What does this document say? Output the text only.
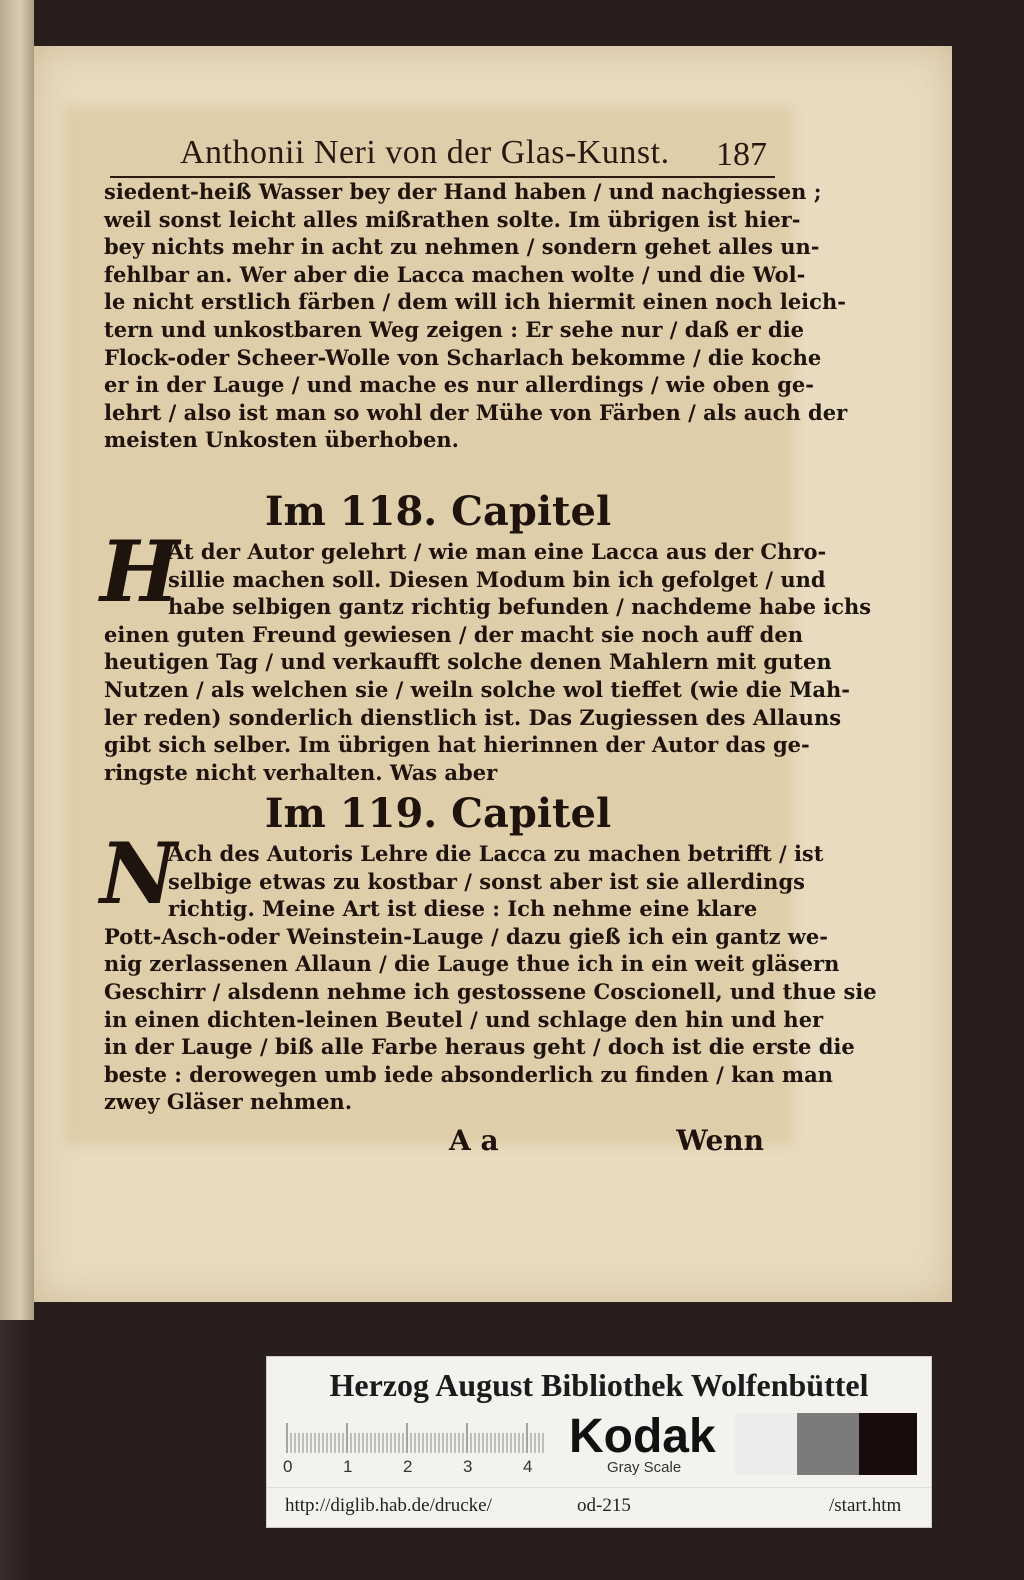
Anthonii Neri von der Glas-Kunst. 187
siedent-heiß Wasser bey der Hand haben / und nachgiessen ;
weil sonst leicht alles mißrathen solte. Im übrigen ist hier-
bey nichts mehr in acht zu nehmen / sondern gehet alles un-
fehlbar an. Wer aber die Lacca machen wolte / und die Wol-
le nicht erstlich färben / dem will ich hiermit einen noch leich-
tern und unkostbaren Weg zeigen : Er sehe nur / daß er die
Flock-oder Scheer-Wolle von Scharlach bekomme / die koche
er in der Lauge / und mache es nur allerdings / wie oben ge-
lehrt / also ist man so wohl der Mühe von Färben / als auch der
meisten Unkosten überhoben.
Im 118. Capitel
H
At der Autor gelehrt / wie man eine Lacca aus der Chro-
sillie machen soll. Diesen Modum bin ich gefolget / und
habe selbigen gantz richtig befunden / nachdeme habe ichs
einen guten Freund gewiesen / der macht sie noch auff den
heutigen Tag / und verkaufft solche denen Mahlern mit guten
Nutzen / als welchen sie / weiln solche wol tieffet (wie die Mah-
ler reden) sonderlich dienstlich ist. Das Zugiessen des Allauns
gibt sich selber. Im übrigen hat hierinnen der Autor das ge-
ringste nicht verhalten. Was aber
Im 119. Capitel
N
Ach des Autoris Lehre die Lacca zu machen betrifft / ist
selbige etwas zu kostbar / sonst aber ist sie allerdings
richtig. Meine Art ist diese : Ich nehme eine klare
Pott-Asch-oder Weinstein-Lauge / dazu gieß ich ein gantz we-
nig zerlassenen Allaun / die Lauge thue ich in ein weit gläsern
Geschirr / alsdenn nehme ich gestossene Coscionell, und thue sie
in einen dichten-leinen Beutel / und schlage den hin und her
in der Lauge / biß alle Farbe heraus geht / doch ist die erste die
beste : derowegen umb iede absonderlich zu finden / kan man
zwey Gläser nehmen.
A a	Wenn
Herzog August Bibliothek Wolfenbüttel
0	1	2	3	4
Kodak
Gray Scale
http://diglib.hab.de/drucke/	od-215	/start.htm
